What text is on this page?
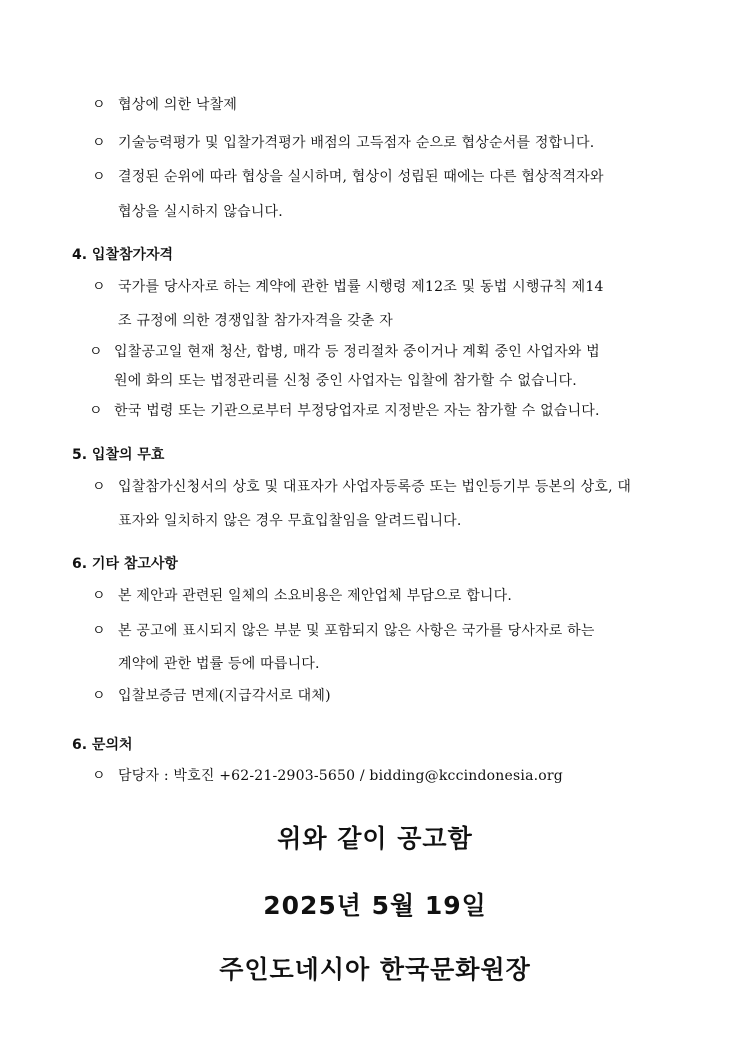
ㅇ 협상에 의한 낙찰제
ㅇ 기술능력평가 및 입찰가격평가 배점의 고득점자 순으로 협상순서를 정합니다.
ㅇ 결정된 순위에 따라 협상을 실시하며, 협상이 성립된 때에는 다른 협상적격자와
협상을 실시하지 않습니다.
4. 입찰참가자격
ㅇ 국가를 당사자로 하는 계약에 관한 법률 시행령 제12조 및 동법 시행규칙 제14
조 규정에 의한 경쟁입찰 참가자격을 갖춘 자
ㅇ 입찰공고일 현재 청산, 합병, 매각 등 정리절차 중이거나 계획 중인 사업자와 법
원에 화의 또는 법정관리를 신청 중인 사업자는 입찰에 참가할 수 없습니다.
ㅇ 한국 법령 또는 기관으로부터 부정당업자로 지정받은 자는 참가할 수 없습니다.
5. 입찰의 무효
ㅇ 입찰참가신청서의 상호 및 대표자가 사업자등록증 또는 법인등기부 등본의 상호, 대
표자와 일치하지 않은 경우 무효입찰임을 알려드립니다.
6. 기타 참고사항
ㅇ 본 제안과 관련된 일체의 소요비용은 제안업체 부담으로 합니다.
ㅇ 본 공고에 표시되지 않은 부분 및 포함되지 않은 사항은 국가를 당사자로 하는
계약에 관한 법률 등에 따릅니다.
ㅇ 입찰보증금 면제(지급각서로 대체)
6. 문의처
ㅇ 담당자 : 박호진 +62-21-2903-5650 / bidding@kccindonesia.org
위와 같이 공고함
2025년 5월 19일
주인도네시아 한국문화원장
